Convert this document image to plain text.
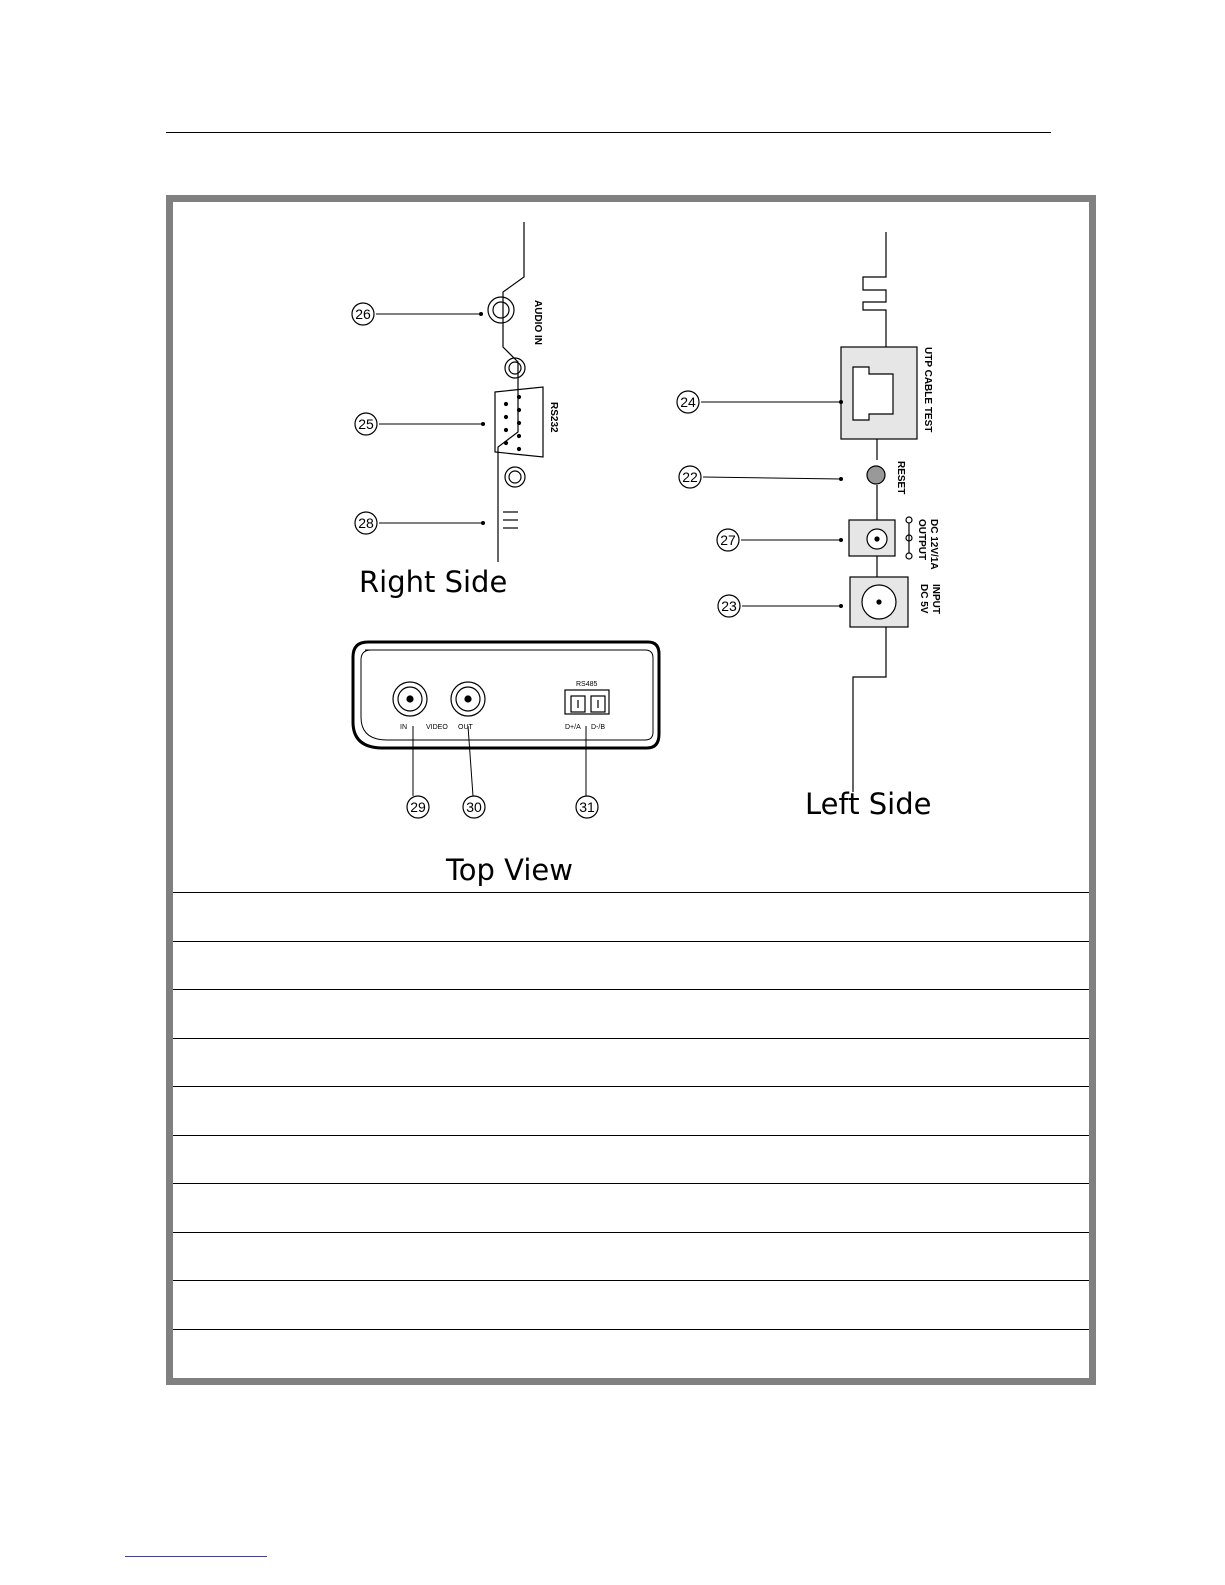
AUDIO IN
RS232
26
25
28
Right Side
UTP CABLE TEST
RESET
DC 12V/1A
OUTPUT
INPUT
DC 5V
24
22
27
23
Left Side
RS485
IN	VIDEO OUT	D+/A D-/B
29	30	31
Top View
